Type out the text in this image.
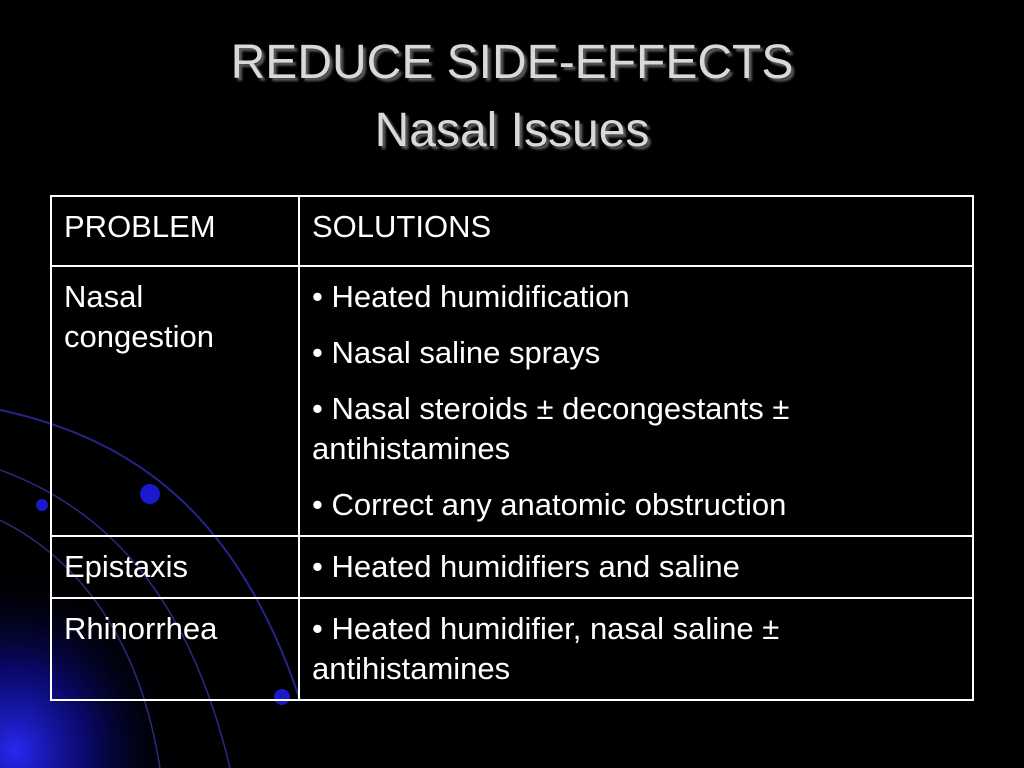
REDUCE SIDE-EFFECTS
Nasal Issues
PROBLEM	SOLUTIONS
Nasal congestion	• Heated humidification
• Nasal saline sprays
• Nasal steroids ± decongestants ± antihistamines
• Correct any anatomic obstruction

Epistaxis	• Heated humidifiers and saline

Rhinorrhea	• Heated humidifier, nasal saline ± antihistamines
